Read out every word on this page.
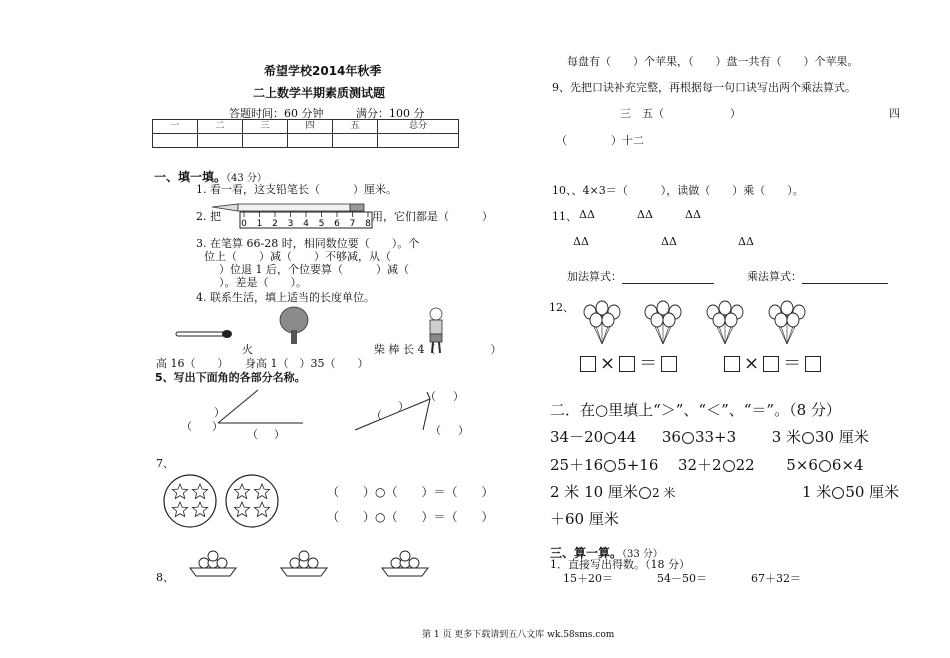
希望学校2014年秋季
二上数学半期素质测试题
答题时间：60 分钟	满分：100 分
一	二	三	四	五	总分

一、填一填。（43 分）
1. 看一看，这支铅笔长（　　　）厘米。
0 1 2 3 4 5 6 7 8
2. 把	用，它们都是（　　　）
3. 在笔算 66-28 时，相同数位要（　　）。个
位上（　　）减（　　）不够减，从（
）位退 1 后，个位要算（　　　）减（
）。差是（　　）。
4. 联系生活，填上适当的长度单位。
火　　　　　　　　　　　柴 棒 长 4（　　　　　）
高 16（　　）　　身高 1（　）35（　　）
5、写出下面角的各部分名称。
）
（ ）
（ ）
（ ）
（
）
（ ）
7、
（　　）○（　　）＝（　　）
（　　）○（　　）＝（　　）
8、
每盘有（　　）个苹果，（　　）盘一共有（　　）个苹果。
9、先把口诀补充完整，再根据每一句口诀写出两个乘法算式。
三　五（　　　　　　）	四
（　　　　）十二
10、、4×3＝（　　　），读做（　　）乘（　　）。
11、 ΔΔ	ΔΔ	ΔΔ
ΔΔ	ΔΔ	ΔΔ
加法算式：	乘法算式：
12、
× ＝	× ＝
二．在○里填上“＞”、“＜”、“＝”。（8 分）
34－20 44 36 33+3 3 米 30 厘米
25＋16 5+16 32＋2 22 5×6 6×4
2 米 10 厘米 2 米	1 米 50 厘米
＋60 厘米
三、算一算。（33 分）
1．直接写出得数。（18 分）
15＋20＝	54－50＝	67＋32＝
第 1 页 更多下载请到五八文库 wk.58sms.com
